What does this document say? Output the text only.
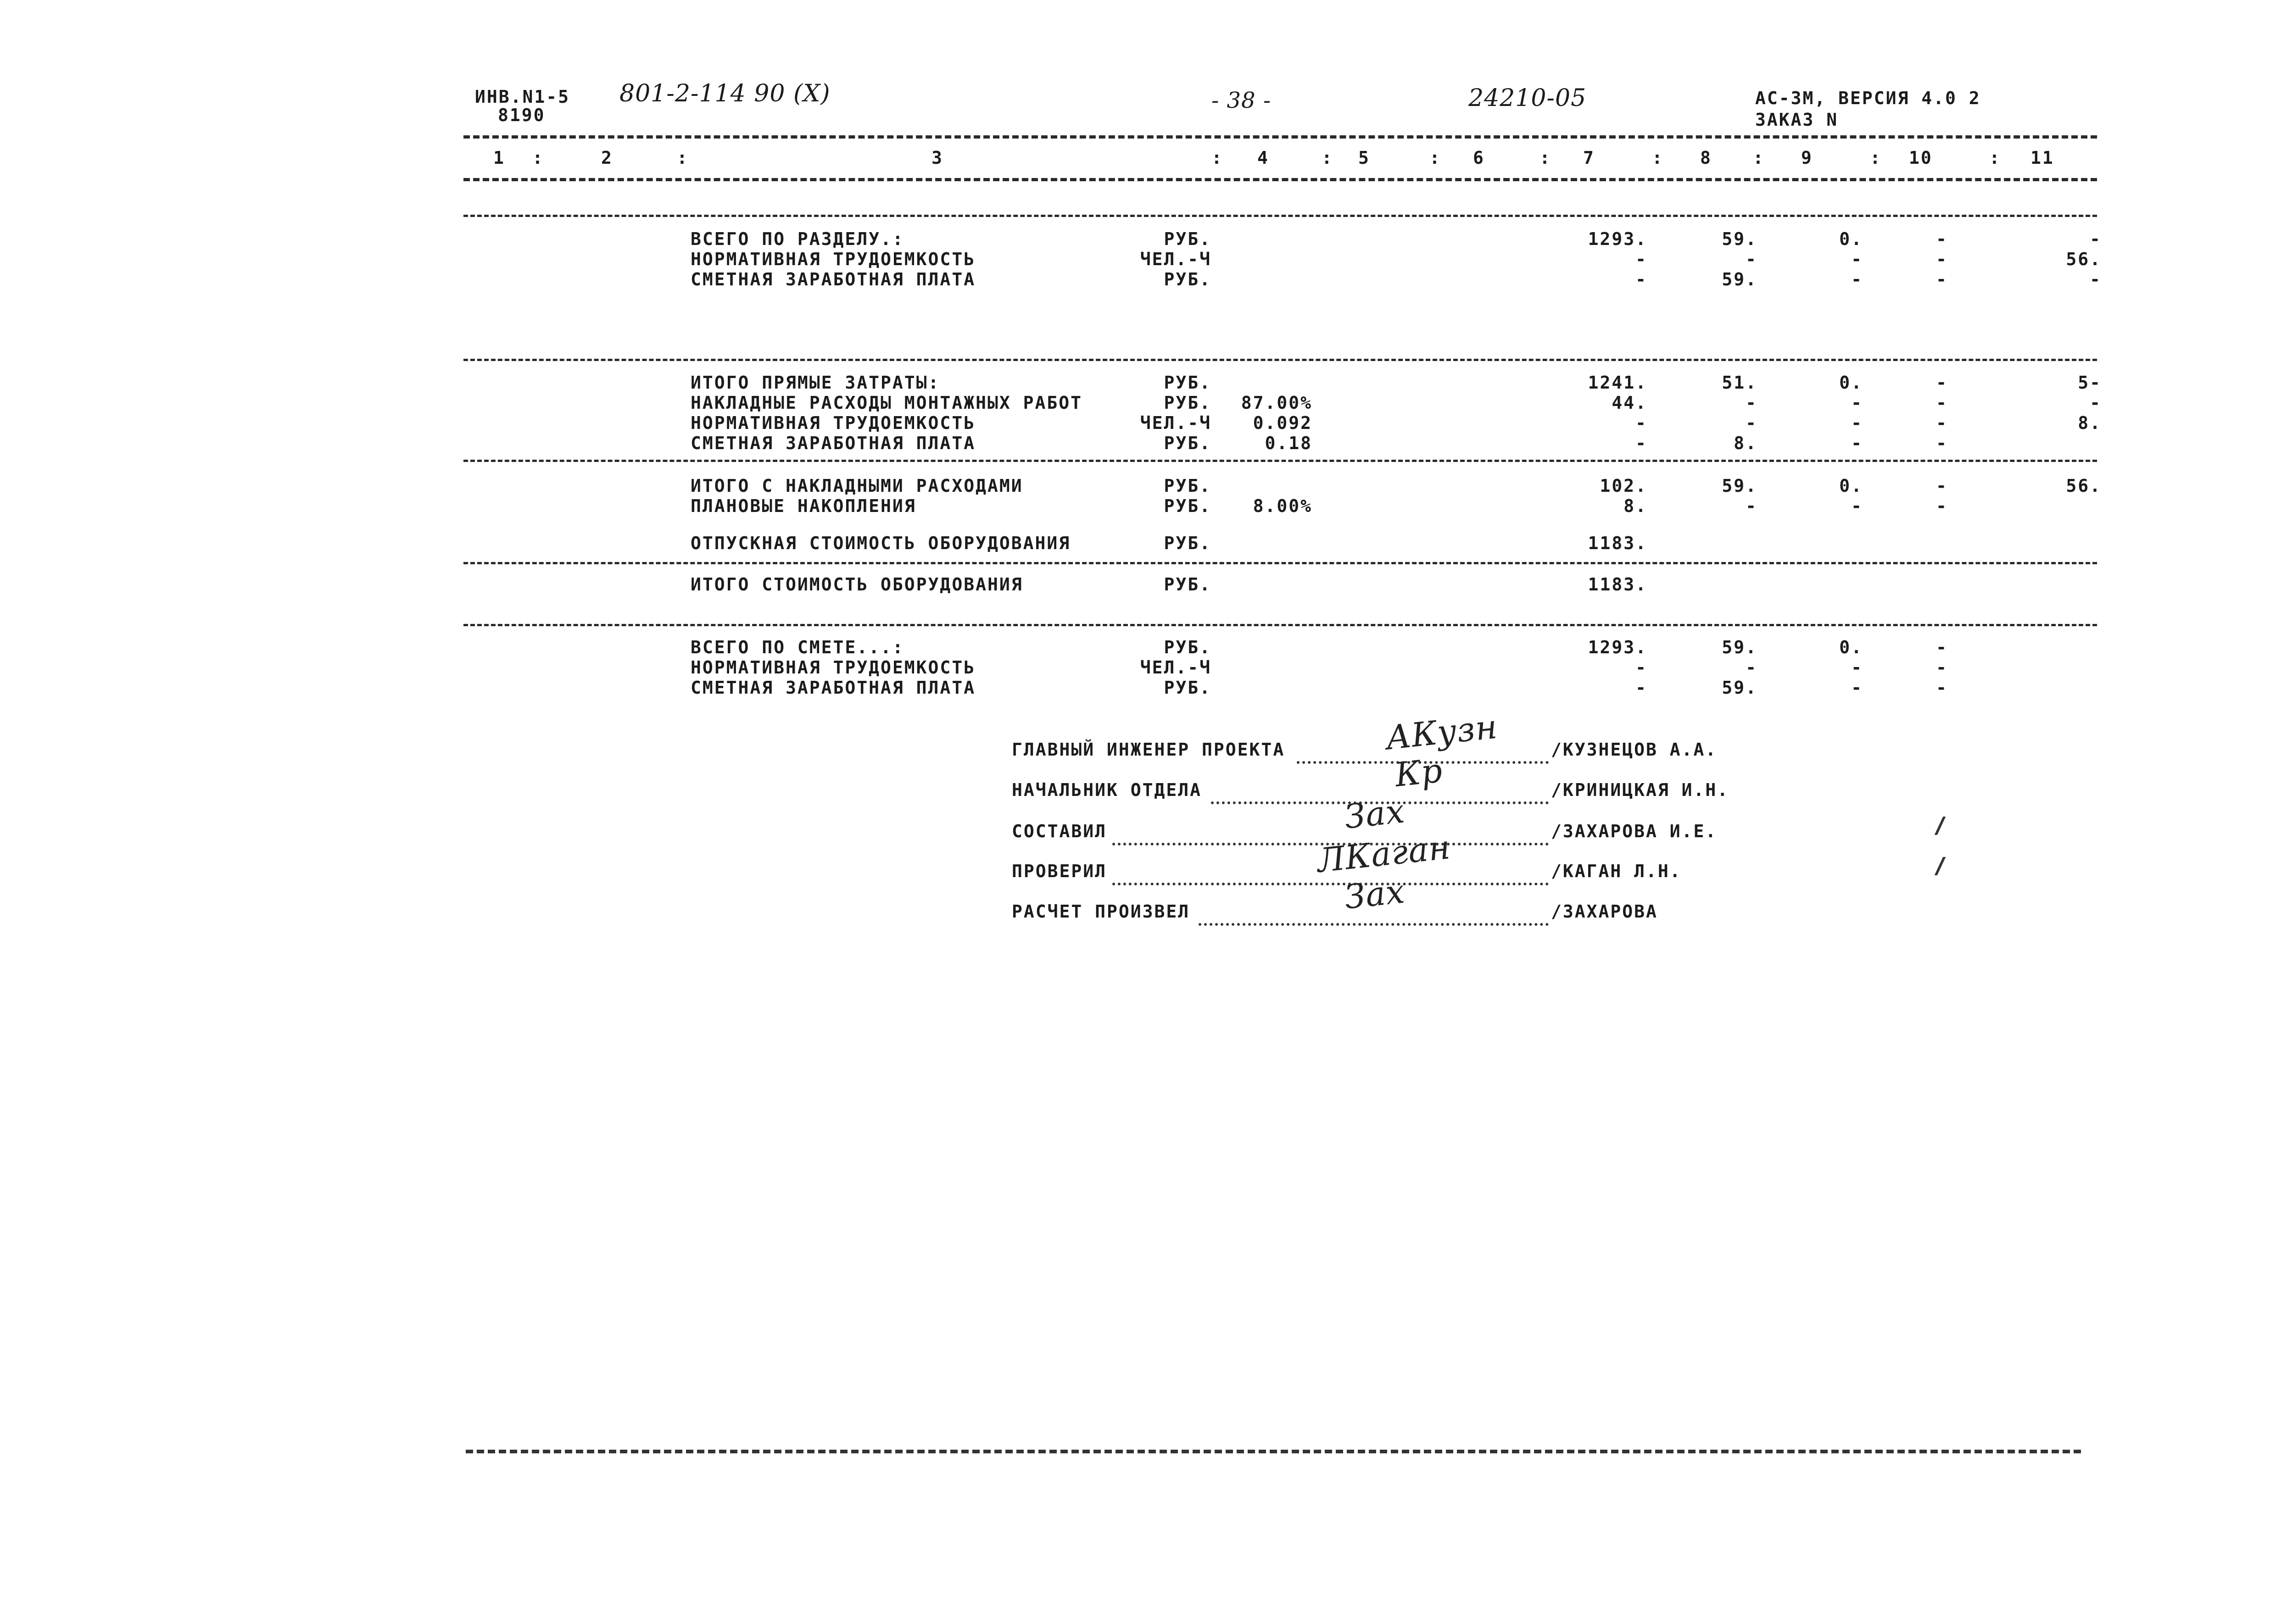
ИНВ.N1-5
8190
801-2-114 90 (Ⅹ)	- 38 -	24210-05	АС-3М, ВЕРСИЯ 4.0 2
ЗАКАЗ N
1 :	2	:	3	: 4	: 5	: 6	: 7	: 8 : 9	: 10	: 11
ВСЕГО ПО РАЗДЕЛУ.:	РУБ.	1293.	59.	0.	-	-
НОРМАТИВНАЯ ТРУДОЕМКОСТЬ	ЧЕЛ.-Ч	-	-	-	-	56.
СМЕТНАЯ ЗАРАБОТНАЯ ПЛАТА	РУБ.	-	59.	-	-	-
ИТОГО ПРЯМЫЕ ЗАТРАТЫ:	РУБ.	1241.	51.	0.	-	5-
НАКЛАДНЫЕ РАСХОДЫ МОНТАЖНЫХ РАБОТ	РУБ. 87.00%	44.	-	-	-	-
НОРМАТИВНАЯ ТРУДОЕМКОСТЬ	ЧЕЛ.-Ч 0.092	-	-	-	-	8.
СМЕТНАЯ ЗАРАБОТНАЯ ПЛАТА	РУБ.	0.18	-	8.	-	-
ИТОГО С НАКЛАДНЫМИ РАСХОДАМИ	РУБ.	102.	59.	0.	-	56.
ПЛАНОВЫЕ НАКОПЛЕНИЯ	РУБ. 8.00%	8.	-	-	-
ОТПУСКНАЯ СТОИМОСТЬ ОБОРУДОВАНИЯ	РУБ.	1183.
ИТОГО СТОИМОСТЬ ОБОРУДОВАНИЯ	РУБ.	1183.
ВСЕГО ПО СМЕТЕ...:	РУБ.	1293.	59.	0.	-
НОРМАТИВНАЯ ТРУДОЕМКОСТЬ	ЧЕЛ.-Ч	-	-	-	-
СМЕТНАЯ ЗАРАБОТНАЯ ПЛАТА	РУБ.	-	59.	-	-
ГЛАВНЫЙ ИНЖЕНЕР ПРОЕКТА	/КУЗНЕЦОВ А.А.
АКузн
НАЧАЛЬНИК ОТДЕЛА	/КРИНИЦКАЯ И.Н.
Кр
СОСТАВИЛ	/ЗАХАРОВА И.Е.
Зах
ПРОВЕРИЛ	/КАГАН Л.Н.
ЛКаган
РАСЧЕТ ПРОИЗВЕЛ	/ЗАХАРОВА
Зах
